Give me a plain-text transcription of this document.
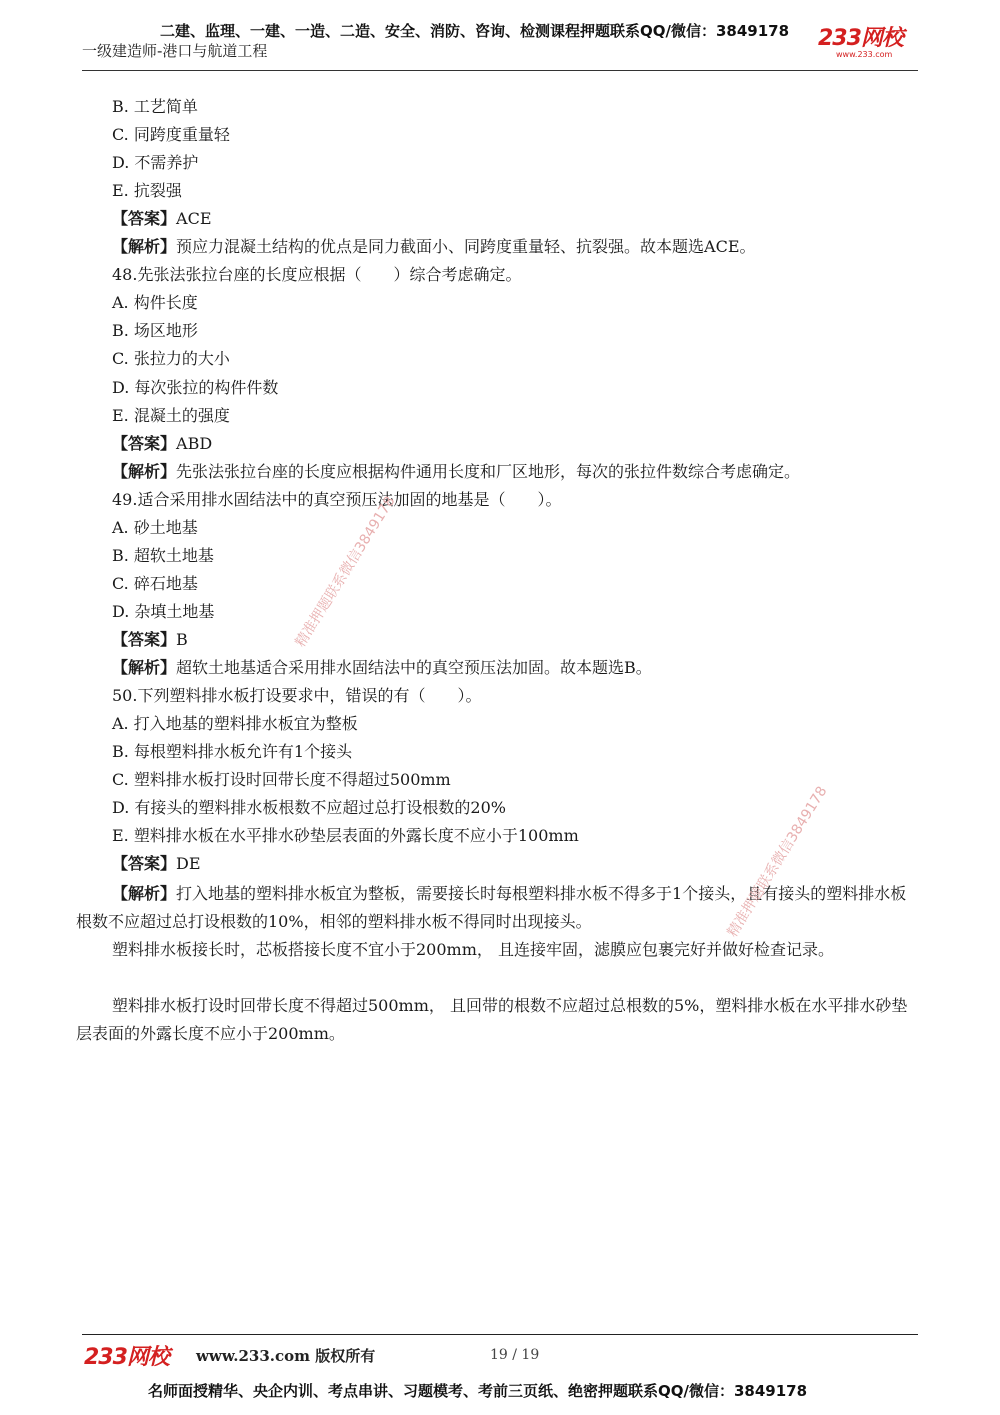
二建、监理、一建、一造、二造、安全、消防、咨询、检测课程押题联系QQ/微信：3849178
一级建造师-港口与航道工程	233网校
www.233.com
B. 工艺简单
C. 同跨度重量轻
D. 不需养护
E. 抗裂强
【答案】ACE
【解析】预应力混凝土结构的优点是同力截面小、同跨度重量轻、抗裂强。故本题选ACE。
48.先张法张拉台座的长度应根据（　　）综合考虑确定。
A. 构件长度
B. 场区地形
C. 张拉力的大小
D. 每次张拉的构件件数
E. 混凝土的强度
【答案】ABD
【解析】先张法张拉台座的长度应根据构件通用长度和厂区地形，每次的张拉件数综合考虑确定。
49.适合采用排水固结法中的真空预压法加固的地基是（　　）。
A. 砂土地基
B. 超软土地基
C. 碎石地基
D. 杂填土地基
【答案】B
【解析】超软土地基适合采用排水固结法中的真空预压法加固。故本题选B。
50.下列塑料排水板打设要求中，错误的有（　　）。
A. 打入地基的塑料排水板宜为整板
B. 每根塑料排水板允许有1个接头
C. 塑料排水板打设时回带长度不得超过500mm
D. 有接头的塑料排水板根数不应超过总打设根数的20%
E. 塑料排水板在水平排水砂垫层表面的外露长度不应小于100mm
【答案】DE
【解析】打入地基的塑料排水板宜为整板，需要接长时每根塑料排水板不得多于1个接头，且有接头的塑料排水板根数不应超过总打设根数的10%，相邻的塑料排水板不得同时出现接头。
塑料排水板接长时，芯板搭接长度不宜小于200mm， 且连接牢固，滤膜应包裹完好并做好检查记录。
塑料排水板打设时回带长度不得超过500mm， 且回带的根数不应超过总根数的5%，塑料排水板在水平排水砂垫层表面的外露长度不应小于200mm。
精准押题联系微信3849178
精准押题联系微信3849178
233网校 www.233.com 版权所有	19 / 19
名师面授精华、央企内训、考点串讲、习题模考、考前三页纸、绝密押题联系QQ/微信：3849178
